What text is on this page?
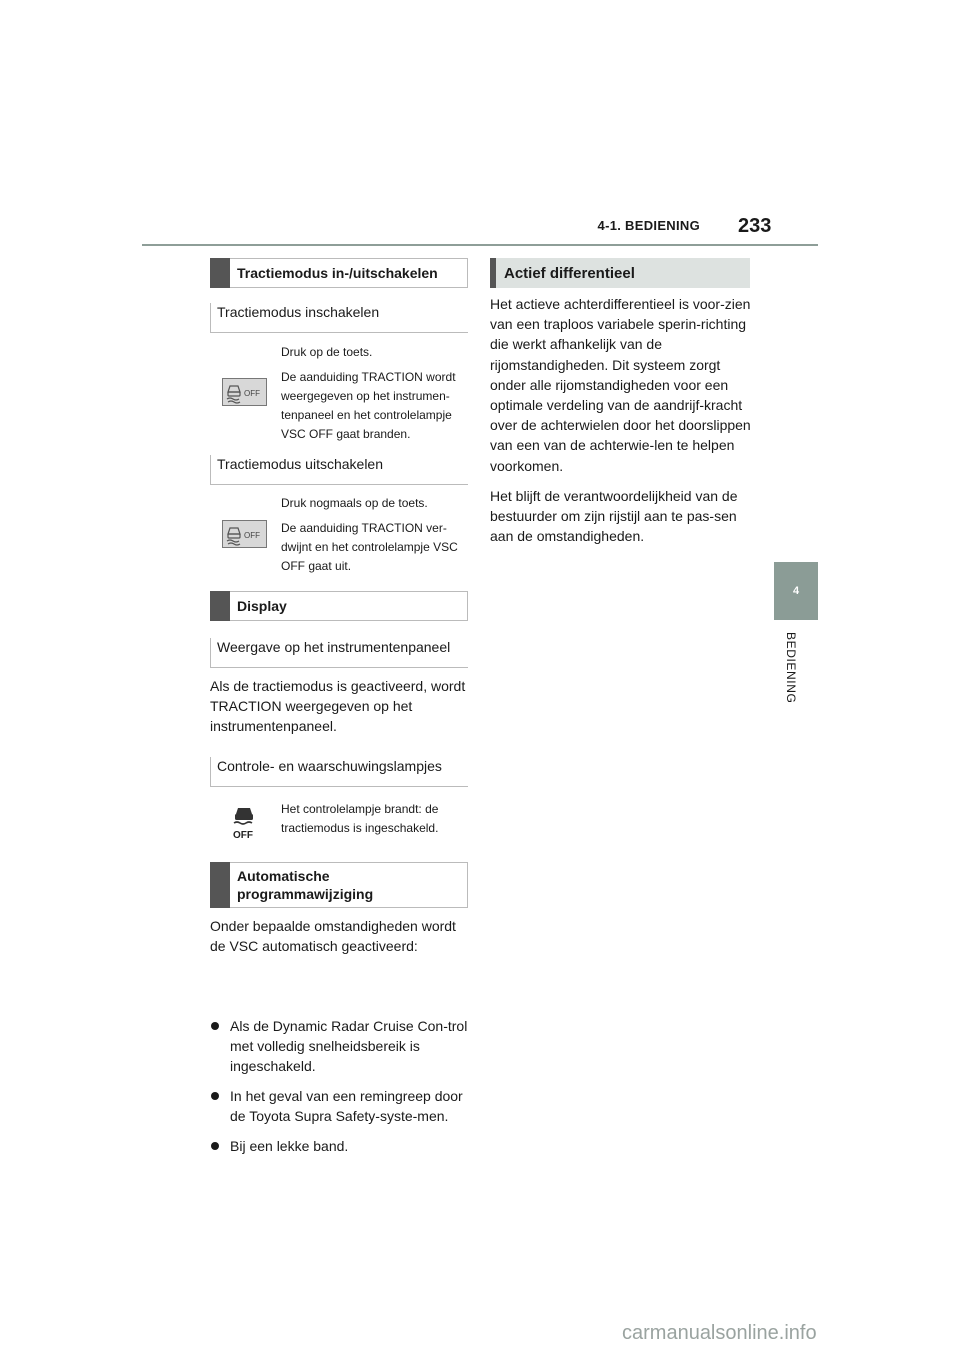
4-1. BEDIENING 233
4
BEDIENING
Tractiemodus in-/uitschakelen
Tractiemodus inschakelen
OFF

Druk op de toets.

De aanduiding TRACTION wordt weergegeven op het instrumen-tenpaneel en het controlelampje VSC OFF gaat branden.

Tractiemodus uitschakelen
OFF

Druk nogmaals op de toets.

De aanduiding TRACTION ver-dwijnt en het controlelampje VSC OFF gaat uit.

Display
Weergave op het instrumentenpaneel

Als de tractiemodus is geactiveerd, wordt TRACTION weergegeven op het instrumentenpaneel.

Controle- en waarschuwingslampjes
OFF

Het controlelampje brandt: de tractiemodus is ingeschakeld.

Automatische programmawijziging

Onder bepaalde omstandigheden wordt de VSC automatisch geactiveerd:

Als de Dynamic Radar Cruise Con-trol met volledig snelheidsbereik is ingeschakeld.
In het geval van een remingreep door de Toyota Supra Safety-syste-men.
Bij een lekke band.
Actief differentieel

Het actieve achterdifferentieel is voor-zien van een traploos variabele sperin-richting die werkt afhankelijk van de rijomstandigheden. Dit systeem zorgt onder alle rijomstandigheden voor een optimale verdeling van de aandrijf-kracht over de achterwielen door het doorslippen van een van de achterwie-len te helpen voorkomen.

Het blijft de verantwoordelijkheid van de bestuurder om zijn rijstijl aan te pas-sen aan de omstandigheden.

carmanualsonline.info
